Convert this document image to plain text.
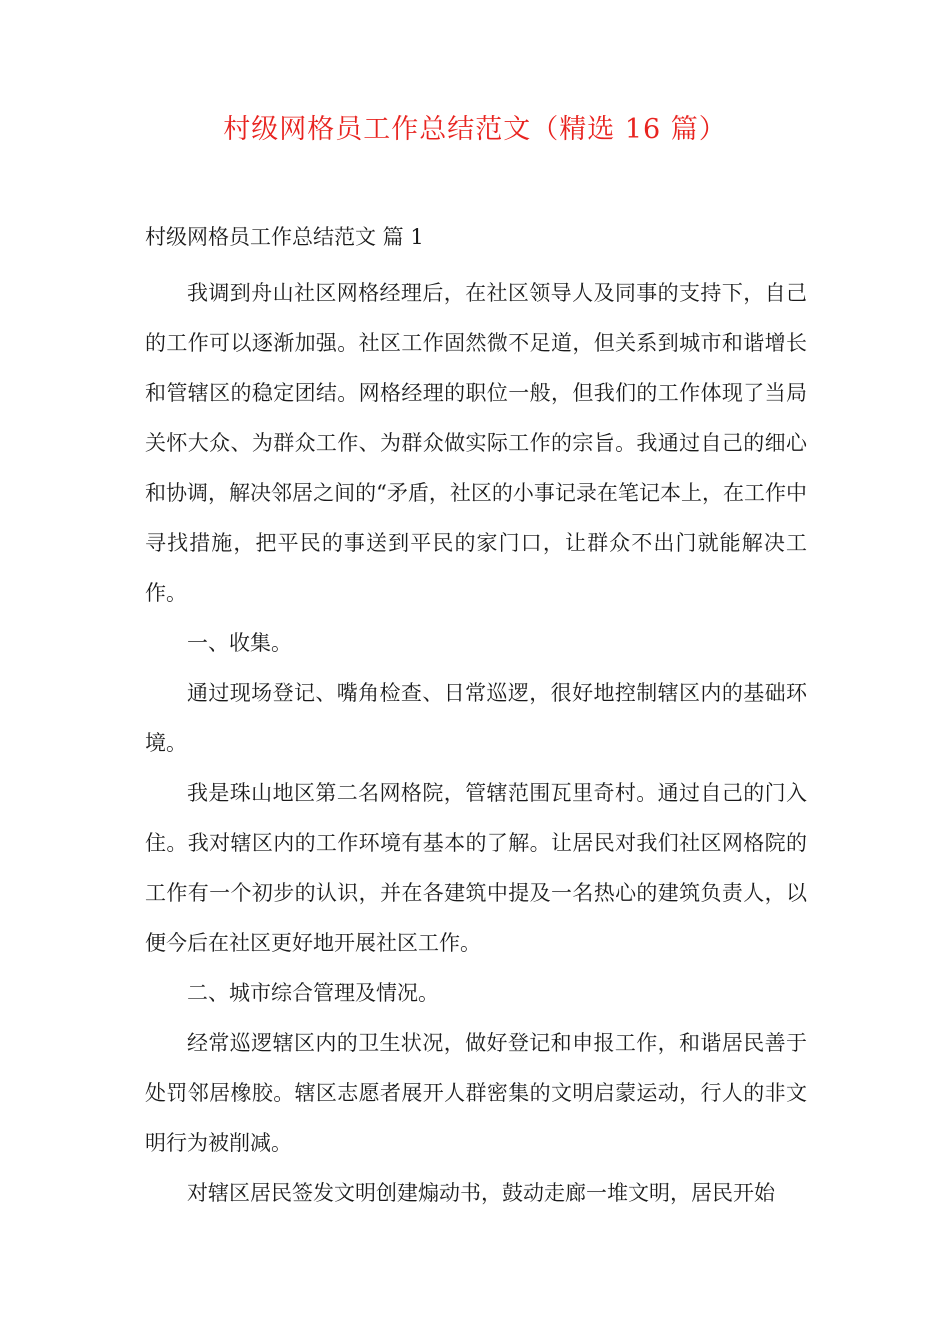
村级网格员工作总结范文（精选 16 篇）
村级网格员工作总结范文 篇 1

我调到舟山社区网格经理后，在社区领导人及同事的支持下，自己的工作可以逐渐加强。社区工作固然微不足道，但关系到城市和谐增长和管辖区的稳定团结。网格经理的职位一般，但我们的工作体现了当局关怀大众、为群众工作、为群众做实际工作的宗旨。我通过自己的细心和协调，解决邻居之间的“矛盾，社区的小事记录在笔记本上，在工作中寻找措施，把平民的事送到平民的家门口，让群众不出门就能解决工作。

一、收集。

通过现场登记、嘴角检查、日常巡逻，很好地控制辖区内的基础环境。

我是珠山地区第二名网格院，管辖范围瓦里奇村。通过自己的门入住。我对辖区内的工作环境有基本的了解。让居民对我们社区网格院的工作有一个初步的认识，并在各建筑中提及一名热心的建筑负责人，以便今后在社区更好地开展社区工作。

二、城市综合管理及情况。

经常巡逻辖区内的卫生状况，做好登记和申报工作，和谐居民善于处罚邻居橡胶。辖区志愿者展开人群密集的文明启蒙运动，行人的非文明行为被削减。

对辖区居民签发文明创建煽动书，鼓动走廊一堆文明，居民开始
